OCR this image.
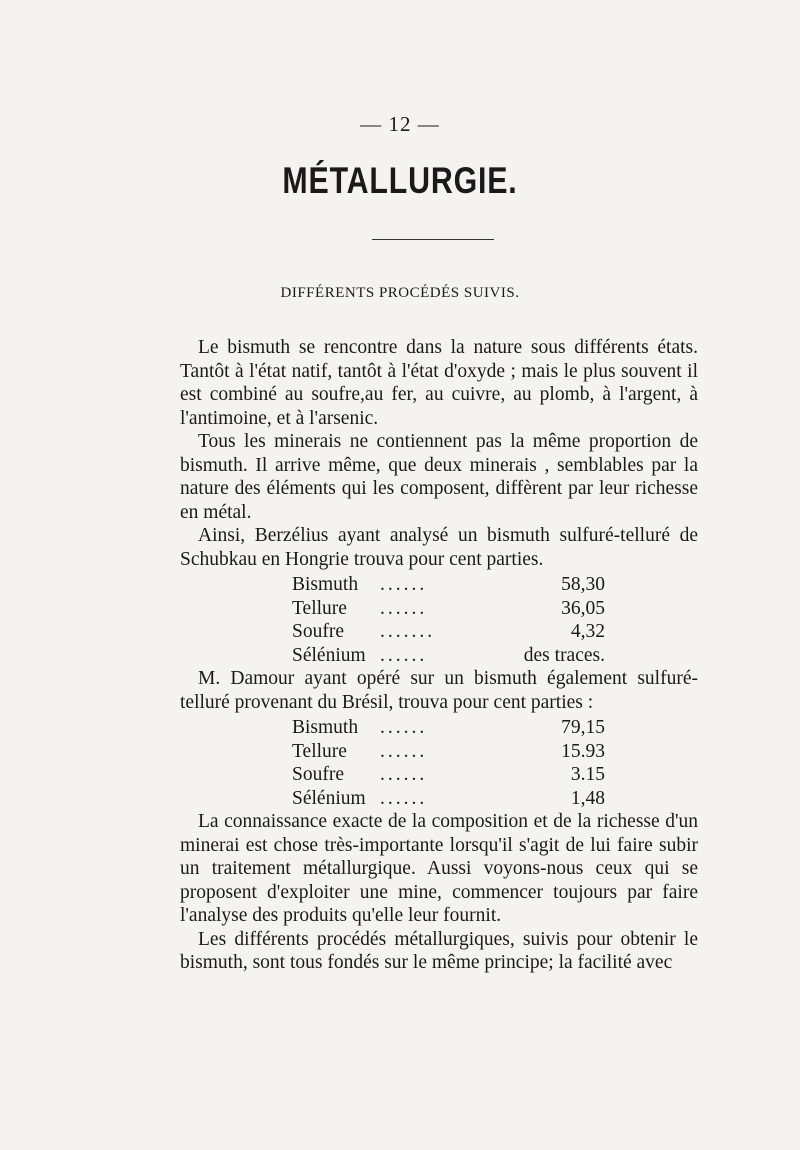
— 12 —
MÉTALLURGIE.
DIFFÉRENTS PROCÉDÉS SUIVIS.

Le bismuth se rencontre dans la nature sous différents états. Tantôt à l'état natif, tantôt à l'état d'oxyde ; mais le plus souvent il est combiné au soufre,au fer, au cuivre, au plomb, à l'argent, à l'antimoine, et à l'arsenic.

Tous les minerais ne contiennent pas la même proportion de bismuth. Il arrive même, que deux minerais , semblables par la nature des éléments qui les composent, diffèrent par leur richesse en métal.

Ainsi, Berzélius ayant analysé un bismuth sulfuré-telluré de Schubkau en Hongrie trouva pour cent parties.

Bismuth	......	58,30
Tellure	......	36,05
Soufre	.......	4,32
Sélénium ......	des traces.

M. Damour ayant opéré sur un bismuth également sulfuré-telluré provenant du Brésil, trouva pour cent parties :

Bismuth	......	79,15
Tellure	......	15.93
Soufre	......	3.15
Sélénium ......	1,48

La connaissance exacte de la composition et de la richesse d'un minerai est chose très-importante lorsqu'il s'agit de lui faire subir un traitement métallurgique. Aussi voyons-nous ceux qui se proposent d'exploiter une mine, commencer toujours par faire l'analyse des produits qu'elle leur fournit.

Les différents procédés métallurgiques, suivis pour obtenir le bismuth, sont tous fondés sur le même principe; la facilité avec
